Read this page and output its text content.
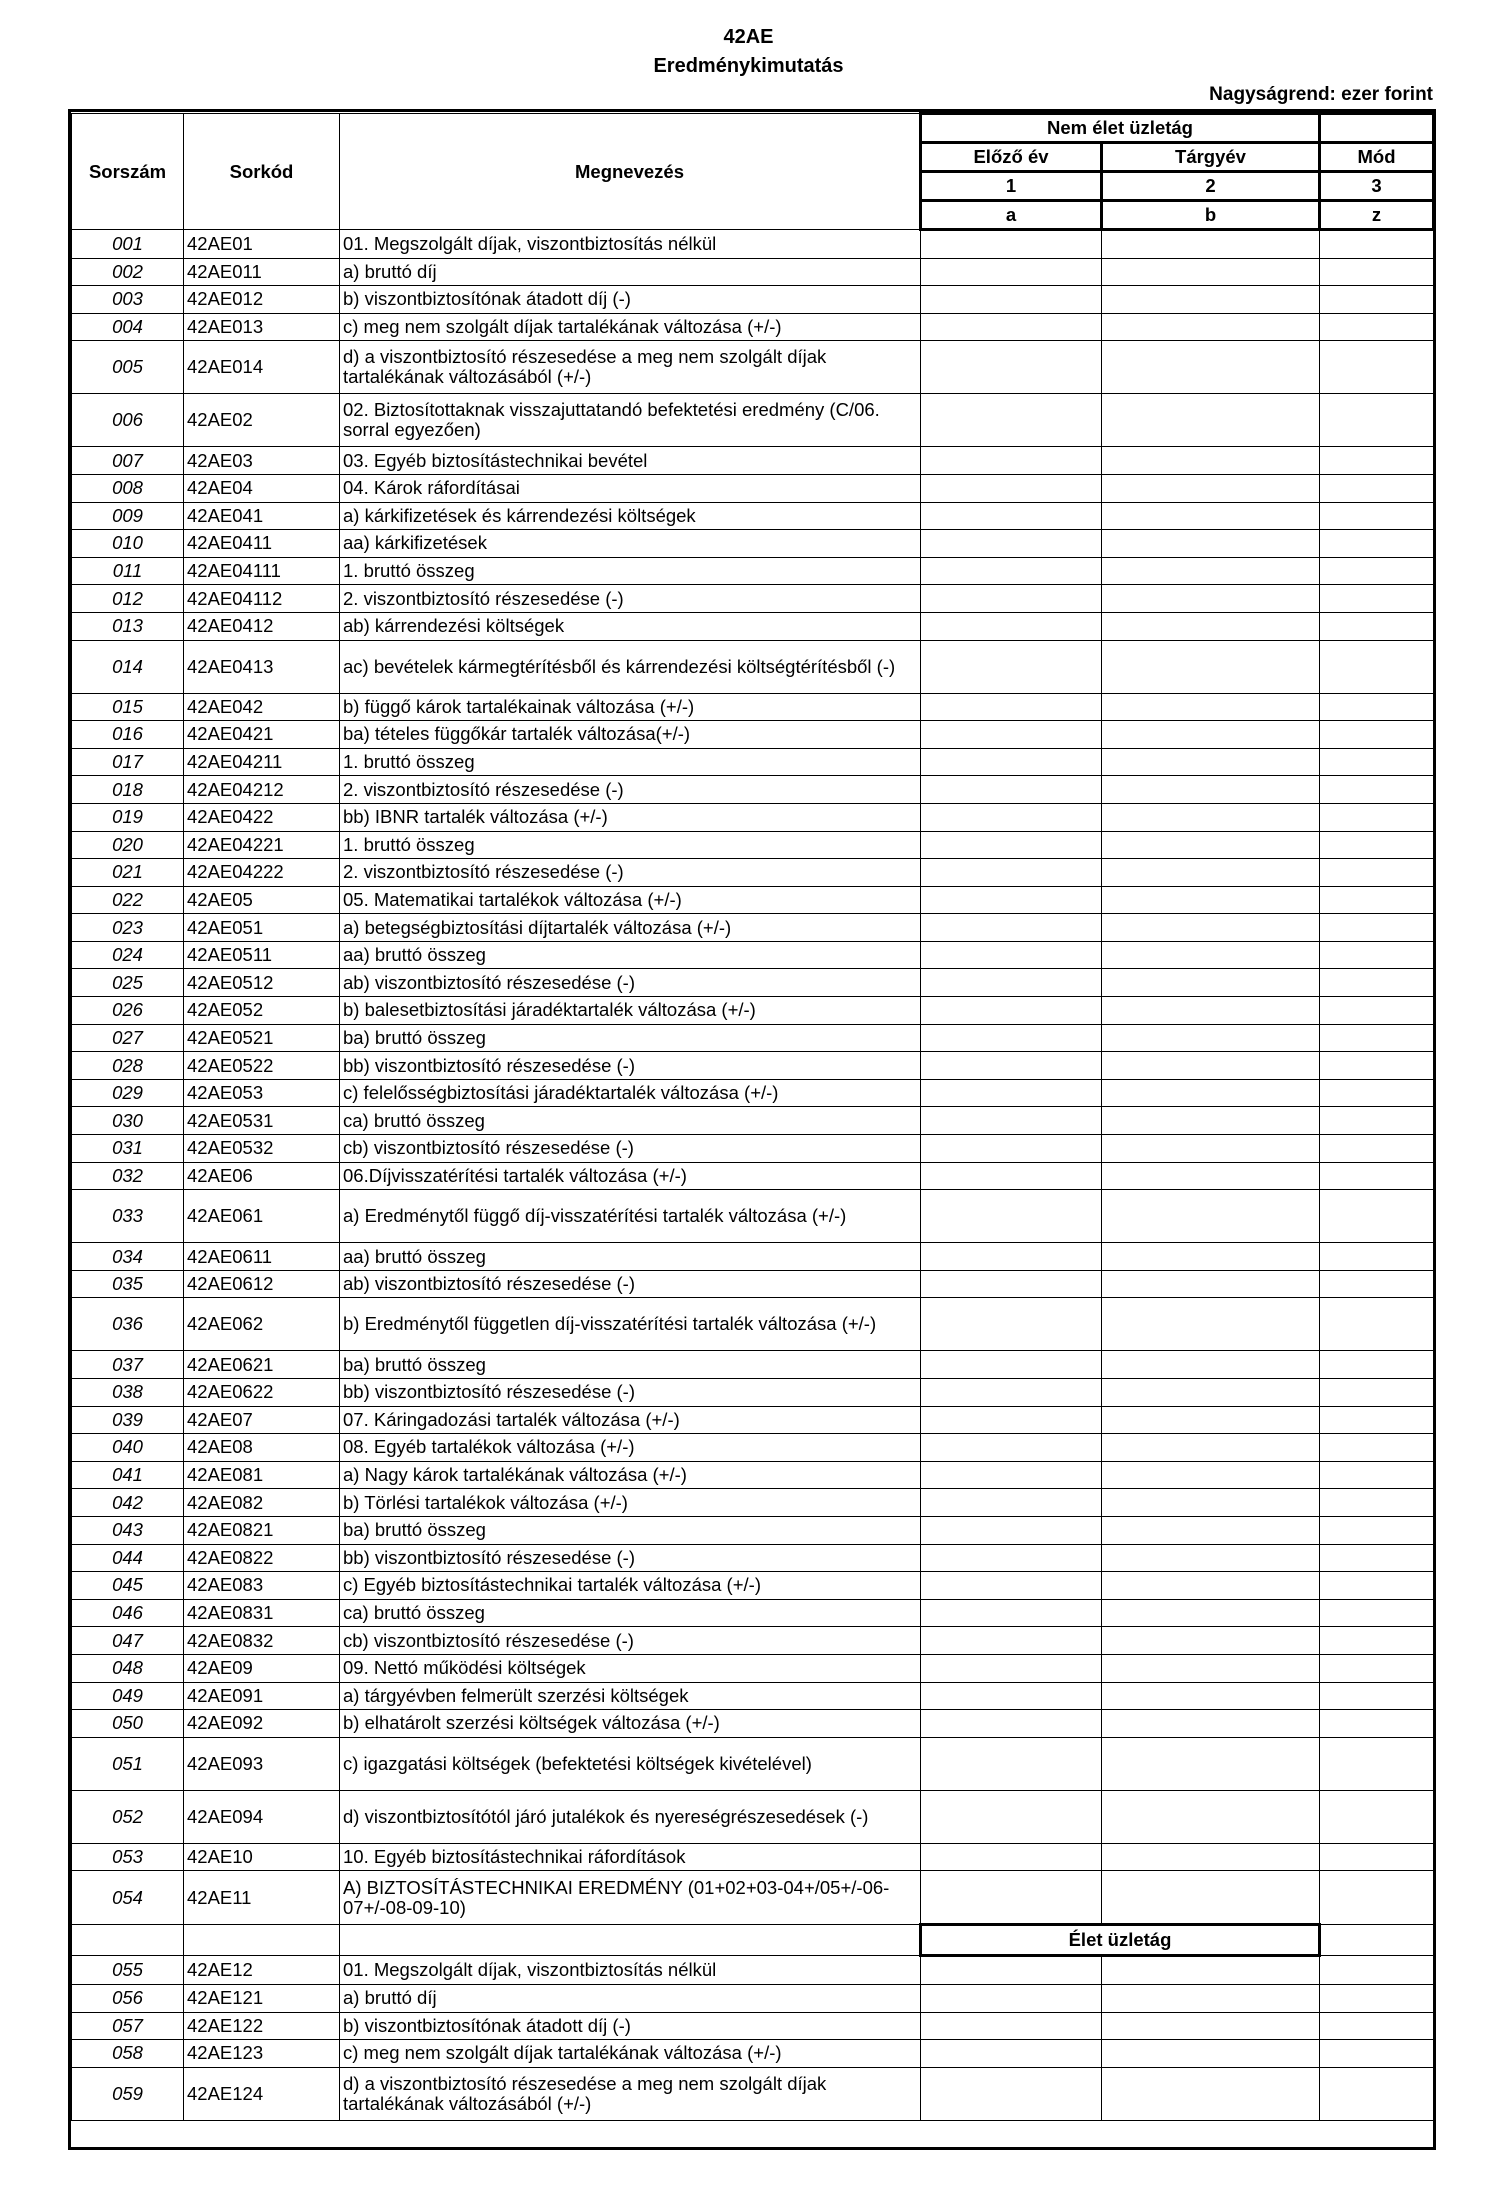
42AE
Eredménykimutatás
Nagyságrend: ezer forint
Sorszám	Sorkód	Megnevezés	Nem élet üzletág		
			Előző év	Tárgyév	Mód
			1	2	3
			a	b	z
001	42AE01	01. Megszolgált díjak, viszontbiztosítás nélkül			
002	42AE011	a) bruttó díj			
003	42AE012	b) viszontbiztosítónak átadott díj (-)			
004	42AE013	c) meg nem szolgált díjak tartalékának változása (+/-)			
005	42AE014	d) a viszontbiztosító részesedése a meg nem szolgált díjak tartalékának változásából (+/-)			
006	42AE02	02. Biztosítottaknak visszajuttatandó befektetési eredmény (C/06. sorral egyezően)			
007	42AE03	03. Egyéb biztosítástechnikai bevétel			
008	42AE04	04. Károk ráfordításai			
009	42AE041	a) kárkifizetések és kárrendezési költségek			
010	42AE0411	aa) kárkifizetések			
011	42AE04111	1. bruttó összeg			
012	42AE04112	2. viszontbiztosító részesedése (-)			
013	42AE0412	ab) kárrendezési költségek			
014	42AE0413	ac) bevételek kármegtérítésből és kárrendezési költségtérítésből (-)			
015	42AE042	b) függő károk tartalékainak változása (+/-)			
016	42AE0421	ba) tételes függőkár tartalék változása(+/-)			
017	42AE04211	1. bruttó összeg			
018	42AE04212	2. viszontbiztosító részesedése (-)			
019	42AE0422	bb) IBNR tartalék változása (+/-)			
020	42AE04221	1. bruttó összeg			
021	42AE04222	2. viszontbiztosító részesedése (-)			
022	42AE05	05. Matematikai tartalékok változása (+/-)			
023	42AE051	a) betegségbiztosítási díjtartalék változása (+/-)			
024	42AE0511	aa) bruttó összeg			
025	42AE0512	ab) viszontbiztosító részesedése (-)			
026	42AE052	b) balesetbiztosítási járadéktartalék változása (+/-)			
027	42AE0521	ba) bruttó összeg			
028	42AE0522	bb) viszontbiztosító részesedése (-)			
029	42AE053	c) felelősségbiztosítási járadéktartalék változása (+/-)			
030	42AE0531	ca) bruttó összeg			
031	42AE0532	cb) viszontbiztosító részesedése (-)			
032	42AE06	06.Díjvisszatérítési tartalék változása (+/-)			
033	42AE061	a) Eredménytől függő díj-visszatérítési tartalék változása (+/-)			
034	42AE0611	aa) bruttó összeg			
035	42AE0612	ab) viszontbiztosító részesedése (-)			
036	42AE062	b) Eredménytől független díj-visszatérítési tartalék változása (+/-)			
037	42AE0621	ba) bruttó összeg			
038	42AE0622	bb) viszontbiztosító részesedése (-)			
039	42AE07	07. Káringadozási tartalék változása (+/-)			
040	42AE08	08. Egyéb tartalékok változása (+/-)			
041	42AE081	a) Nagy károk tartalékának változása (+/-)			
042	42AE082	b) Törlési tartalékok változása (+/-)			
043	42AE0821	ba) bruttó összeg			
044	42AE0822	bb) viszontbiztosító részesedése (-)			
045	42AE083	c) Egyéb biztosítástechnikai tartalék változása (+/-)			
046	42AE0831	ca) bruttó összeg			
047	42AE0832	cb) viszontbiztosító részesedése (-)			
048	42AE09	09. Nettó működési költségek			
049	42AE091	a) tárgyévben felmerült szerzési költségek			
050	42AE092	b) elhatárolt szerzési költségek változása (+/-)			
051	42AE093	c) igazgatási költségek (befektetési költségek kivételével)			
052	42AE094	d) viszontbiztosítótól járó jutalékok és nyereségrészesedések (-)			
053	42AE10	10. Egyéb biztosítástechnikai ráfordítások			
054	42AE11	A) BIZTOSÍTÁSTECHNIKAI EREDMÉNY (01+02+03-04+/05+/-06-07+/-08-09-10)			
			Élet üzletág		
055	42AE12	01. Megszolgált díjak, viszontbiztosítás nélkül			
056	42AE121	a) bruttó díj			
057	42AE122	b) viszontbiztosítónak átadott díj (-)			
058	42AE123	c) meg nem szolgált díjak tartalékának változása (+/-)			
059	42AE124	d) a viszontbiztosító részesedése a meg nem szolgált díjak tartalékának változásából (+/-)			
